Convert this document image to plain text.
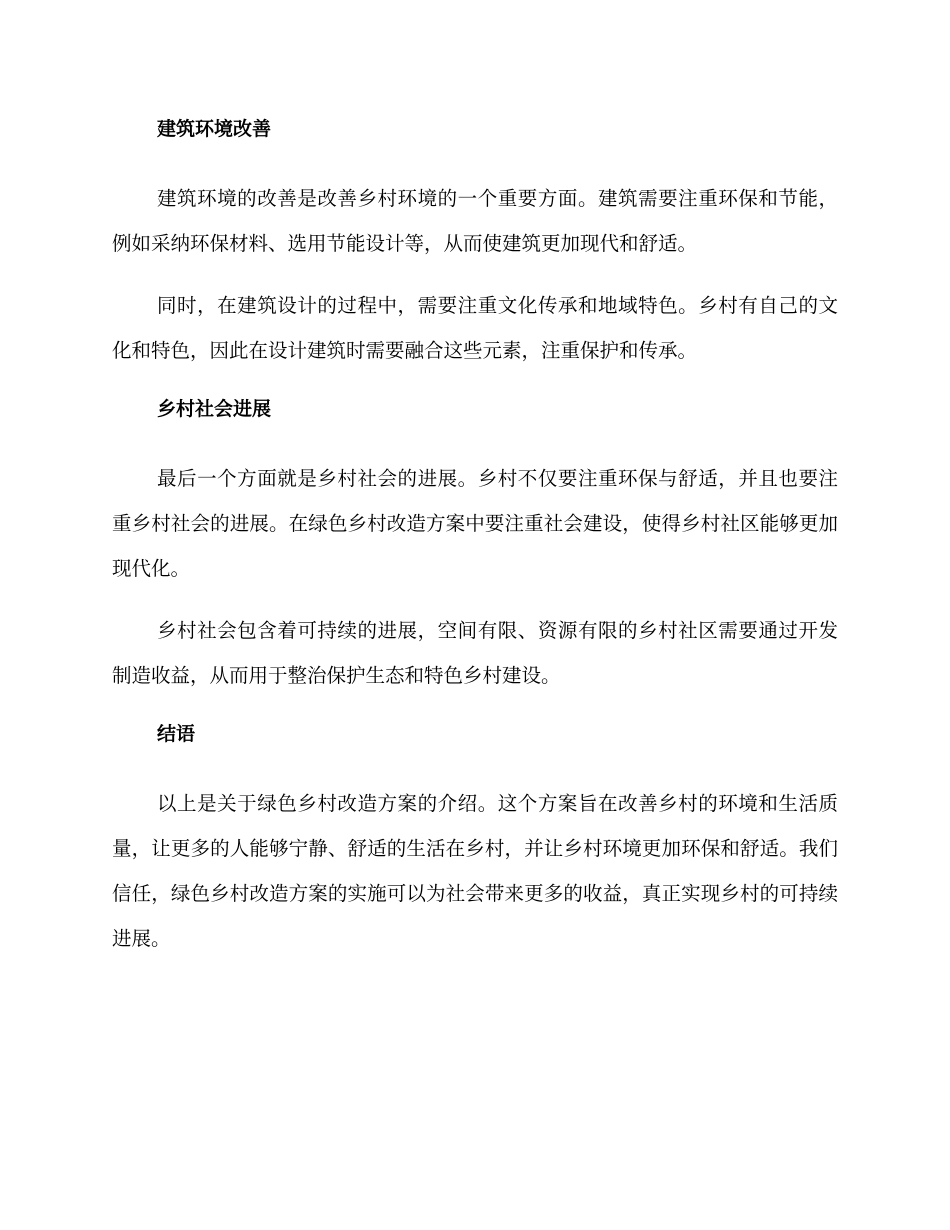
建筑环境改善

建筑环境的改善是改善乡村环境的一个重要方面。建筑需要注重环保和节能，例如采纳环保材料、选用节能设计等，从而使建筑更加现代和舒适。

同时，在建筑设计的过程中，需要注重文化传承和地域特色。乡村有自己的文化和特色，因此在设计建筑时需要融合这些元素，注重保护和传承。

乡村社会进展

最后一个方面就是乡村社会的进展。乡村不仅要注重环保与舒适，并且也要注重乡村社会的进展。在绿色乡村改造方案中要注重社会建设，使得乡村社区能够更加现代化。

乡村社会包含着可持续的进展，空间有限、资源有限的乡村社区需要通过开发制造收益，从而用于整治保护生态和特色乡村建设。

结语

以上是关于绿色乡村改造方案的介绍。这个方案旨在改善乡村的环境和生活质量，让更多的人能够宁静、舒适的生活在乡村，并让乡村环境更加环保和舒适。我们信任，绿色乡村改造方案的实施可以为社会带来更多的收益，真正实现乡村的可持续进展。
